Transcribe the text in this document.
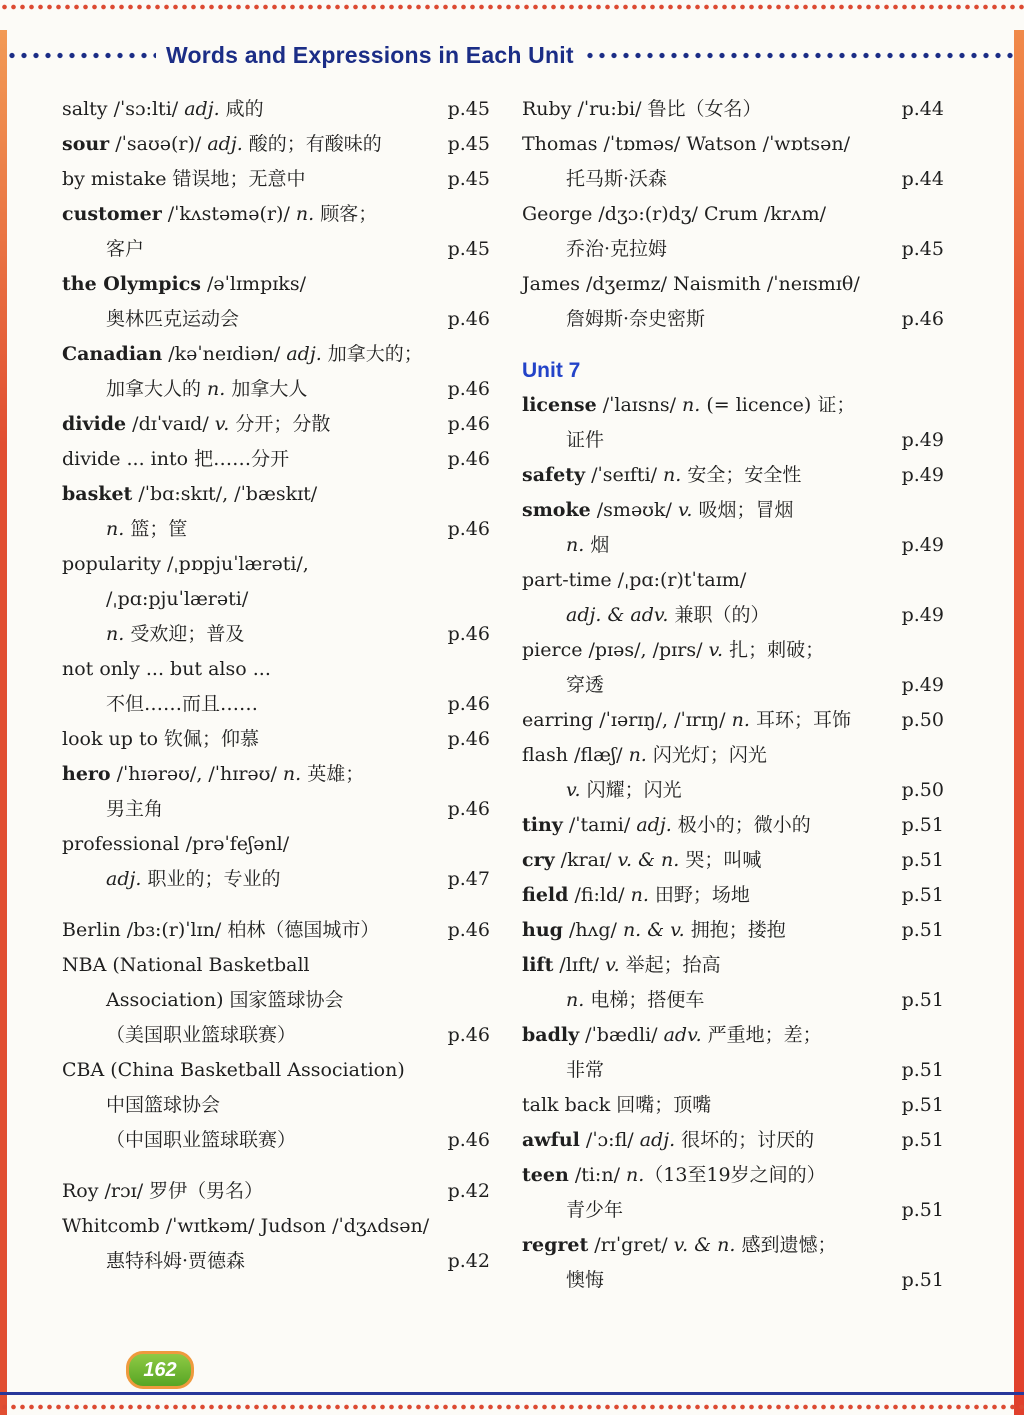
Words and Expressions in Each Unit
salty /ˈsɔ:lti/ adj. 咸的	p.45
sour /ˈsaʊə(r)/ adj. 酸的；有酸味的	p.45
by mistake 错误地；无意中	p.45
customer /ˈkʌstəmə(r)/ n. 顾客；
客户	p.45
the Olympics /əˈlɪmpɪks/
奥林匹克运动会	p.46
Canadian /kəˈneɪdiən/ adj. 加拿大的；
加拿大人的 n. 加拿大人	p.46
divide /dɪˈvaɪd/ v. 分开；分散	p.46
divide ... into 把……分开	p.46
basket /ˈbɑ:skɪt/, /ˈbæskɪt/
n. 篮；筐	p.46
popularity /ˌpɒpjuˈlærəti/,
/ˌpɑ:pjuˈlærəti/
n. 受欢迎；普及	p.46
not only ... but also ...
不但……而且……	p.46
look up to 钦佩；仰慕	p.46
hero /ˈhɪərəʊ/, /ˈhɪrəʊ/ n. 英雄；
男主角	p.46
professional /prəˈfeʃənl/
adj. 职业的；专业的	p.47
Berlin /bɜ:(r)ˈlɪn/ 柏林（德国城市）	p.46
NBA (National Basketball
Association) 国家篮球协会
（美国职业篮球联赛）	p.46
CBA (China Basketball Association)
中国篮球协会
（中国职业篮球联赛）	p.46
Roy /rɔɪ/ 罗伊（男名）	p.42
Whitcomb /ˈwɪtkəm/ Judson /ˈdʒʌdsən/
惠特科姆·贾德森	p.42
Ruby /ˈru:bi/ 鲁比（女名）	p.44
Thomas /ˈtɒməs/ Watson /ˈwɒtsən/
托马斯·沃森	p.44
George /dʒɔ:(r)dʒ/ Crum /krʌm/
乔治·克拉姆	p.45
James /dʒeɪmz/ Naismith /ˈneɪsmɪθ/
詹姆斯·奈史密斯	p.46
Unit 7
license /ˈlaɪsns/ n. (= licence) 证；
证件	p.49
safety /ˈseɪfti/ n. 安全；安全性	p.49
smoke /sməʊk/ v. 吸烟；冒烟
n. 烟	p.49
part-time /ˌpɑ:(r)tˈtaɪm/
adj. & adv. 兼职（的）	p.49
pierce /pɪəs/, /pɪrs/ v. 扎；刺破；
穿透	p.49
earring /ˈɪərɪŋ/, /ˈɪrɪŋ/ n. 耳环；耳饰	p.50
flash /flæʃ/ n. 闪光灯；闪光
v. 闪耀；闪光	p.50
tiny /ˈtaɪni/ adj. 极小的；微小的	p.51
cry /kraɪ/ v. & n. 哭；叫喊	p.51
field /fi:ld/ n. 田野；场地	p.51
hug /hʌg/ n. & v. 拥抱；搂抱	p.51
lift /lɪft/ v. 举起；抬高
n. 电梯；搭便车	p.51
badly /ˈbædli/ adv. 严重地；差；
非常	p.51
talk back 回嘴；顶嘴	p.51
awful /ˈɔ:fl/ adj. 很坏的；讨厌的	p.51
teen /ti:n/ n.（13至19岁之间的）
青少年	p.51
regret /rɪˈgret/ v. & n. 感到遗憾；
懊悔	p.51
162
